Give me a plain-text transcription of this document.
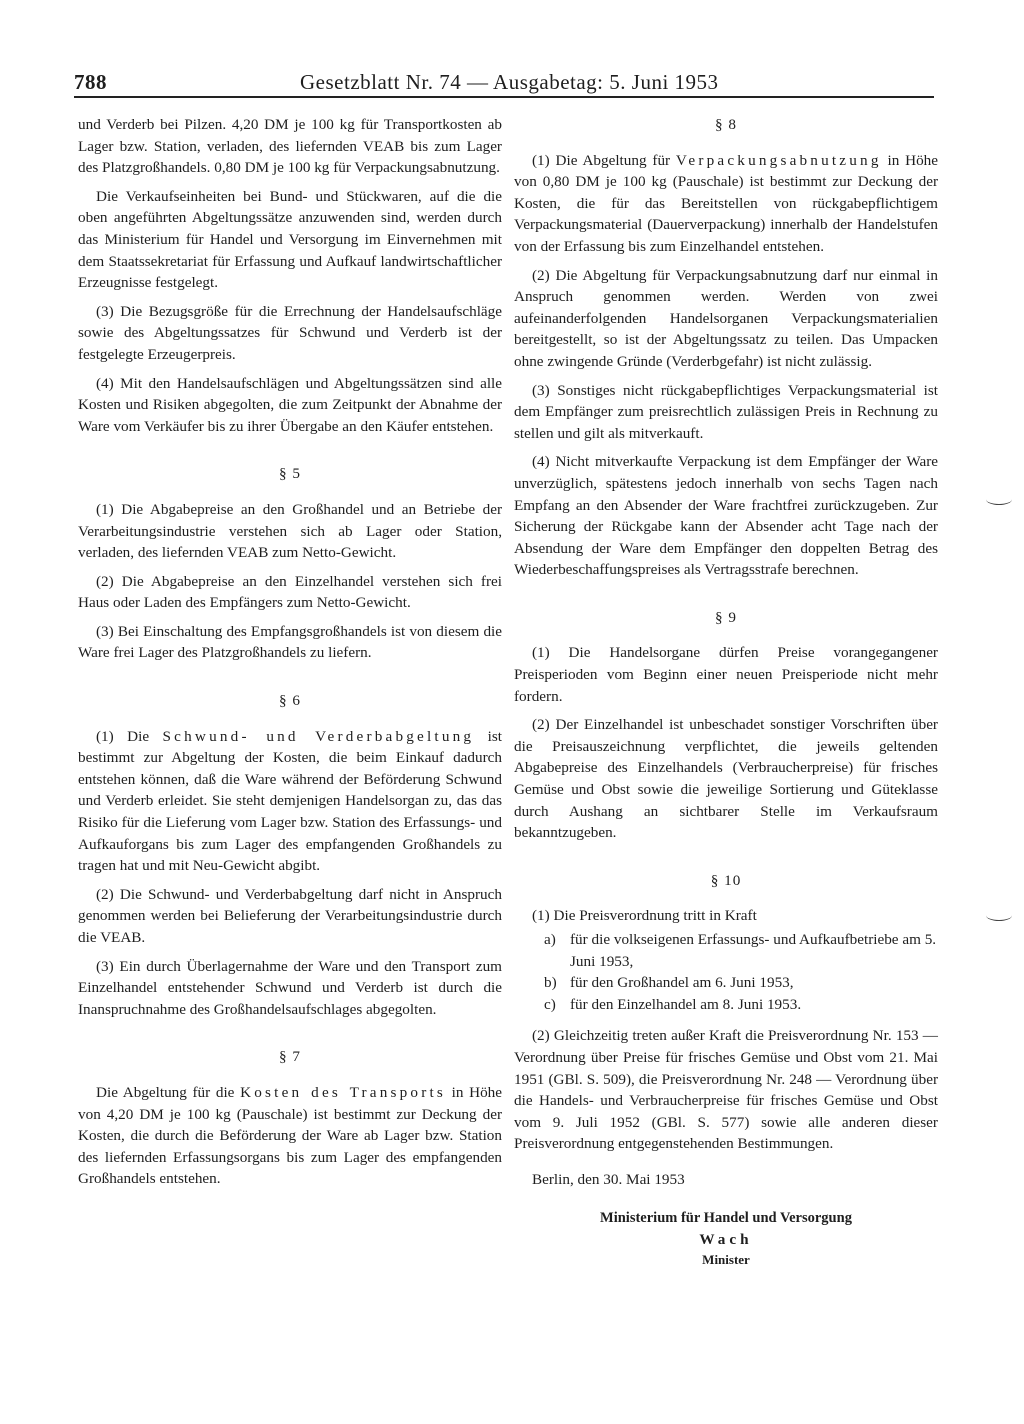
788	Gesetzblatt Nr. 74 — Ausgabetag: 5. Juni 1953

und Verderb bei Pilzen. 4,20 DM je 100 kg für Transportkosten ab Lager bzw. Station, verladen, des liefernden VEAB bis zum Lager des Platzgroßhandels. 0,80 DM je 100 kg für Verpackungsabnutzung.

Die Verkaufseinheiten bei Bund- und Stückwaren, auf die die oben angeführten Abgeltungssätze anzuwenden sind, werden durch das Ministerium für Handel und Versorgung im Einvernehmen mit dem Staatssekretariat für Erfassung und Aufkauf landwirtschaftlicher Erzeugnisse festgelegt.

(3) Die Bezugsgröße für die Errechnung der Handelsaufschläge sowie des Abgeltungssatzes für Schwund und Verderb ist der festgelegte Erzeugerpreis.

(4) Mit den Handelsaufschlägen und Abgeltungssätzen sind alle Kosten und Risiken abgegolten, die zum Zeitpunkt der Abnahme der Ware vom Verkäufer bis zu ihrer Übergabe an den Käufer entstehen.

§ 5

(1) Die Abgabepreise an den Großhandel und an Betriebe der Verarbeitungsindustrie verstehen sich ab Lager oder Station, verladen, des liefernden VEAB zum Netto-Gewicht.

(2) Die Abgabepreise an den Einzelhandel verstehen sich frei Haus oder Laden des Empfängers zum Netto-Gewicht.

(3) Bei Einschaltung des Empfangsgroßhandels ist von diesem die Ware frei Lager des Platzgroßhandels zu liefern.

§ 6

(1) Die Schwund- und Verderbabgeltung ist bestimmt zur Abgeltung der Kosten, die beim Einkauf dadurch entstehen können, daß die Ware während der Beförderung Schwund und Verderb erleidet. Sie steht demjenigen Handelsorgan zu, das das Risiko für die Lieferung vom Lager bzw. Station des Erfassungs- und Aufkauforgans bis zum Lager des empfangenden Großhandels zu tragen hat und mit Neu-Gewicht abgibt.

(2) Die Schwund- und Verderbabgeltung darf nicht in Anspruch genommen werden bei Belieferung der Verarbeitungsindustrie durch die VEAB.

(3) Ein durch Überlagernahme der Ware und den Transport zum Einzelhandel entstehender Schwund und Verderb ist durch die Inanspruchnahme des Großhandelsaufschlages abgegolten.

§ 7

Die Abgeltung für die Kosten des Transports in Höhe von 4,20 DM je 100 kg (Pauschale) ist bestimmt zur Deckung der Kosten, die durch die Beförderung der Ware ab Lager bzw. Station des liefernden Erfassungsorgans bis zum Lager des empfangenden Großhandels entstehen.

§ 8

(1) Die Abgeltung für Verpackungsabnutzung in Höhe von 0,80 DM je 100 kg (Pauschale) ist bestimmt zur Deckung der Kosten, die für das Bereitstellen von rückgabepflichtigem Verpackungsmaterial (Dauerverpackung) innerhalb der Handelstufen von der Erfassung bis zum Einzelhandel entstehen.

(2) Die Abgeltung für Verpackungsabnutzung darf nur einmal in Anspruch genommen werden. Werden von zwei aufeinanderfolgenden Handelsorganen Verpackungsmaterialien bereitgestellt, so ist der Abgeltungssatz zu teilen. Das Umpacken ohne zwingende Gründe (Verderbgefahr) ist nicht zulässig.

(3) Sonstiges nicht rückgabepflichtiges Verpackungsmaterial ist dem Empfänger zum preisrechtlich zulässigen Preis in Rechnung zu stellen und gilt als mitverkauft.

(4) Nicht mitverkaufte Verpackung ist dem Empfänger der Ware unverzüglich, spätestens jedoch innerhalb von sechs Tagen nach Empfang an den Absender der Ware frachtfrei zurückzugeben. Zur Sicherung der Rückgabe kann der Absender acht Tage nach der Absendung der Ware dem Empfänger den doppelten Betrag des Wiederbeschaffungspreises als Vertragsstrafe berechnen.

§ 9

(1) Die Handelsorgane dürfen Preise vorangegangener Preisperioden vom Beginn einer neuen Preisperiode nicht mehr fordern.

(2) Der Einzelhandel ist unbeschadet sonstiger Vorschriften über die Preisauszeichnung verpflichtet, die jeweils geltenden Abgabepreise des Einzelhandels (Verbraucherpreise) für frisches Gemüse und Obst sowie die jeweilige Sortierung und Güteklasse durch Aushang an sichtbarer Stelle im Verkaufsraum bekanntzugeben.

§ 10

(1) Die Preisverordnung tritt in Kraft

a) für die volkseigenen Erfassungs- und Aufkaufbetriebe am 5. Juni 1953,
b) für den Großhandel am 6. Juni 1953,
c) für den Einzelhandel am 8. Juni 1953.

(2) Gleichzeitig treten außer Kraft die Preisverordnung Nr. 153 — Verordnung über Preise für frisches Gemüse und Obst vom 21. Mai 1951 (GBl. S. 509), die Preisverordnung Nr. 248 — Verordnung über die Handels- und Verbraucherpreise für frisches Gemüse und Obst vom 9. Juli 1952 (GBl. S. 577) sowie alle anderen dieser Preisverordnung entgegenstehenden Bestimmungen.

Berlin, den 30. Mai 1953

Ministerium für Handel und Versorgung

Wach

Minister
